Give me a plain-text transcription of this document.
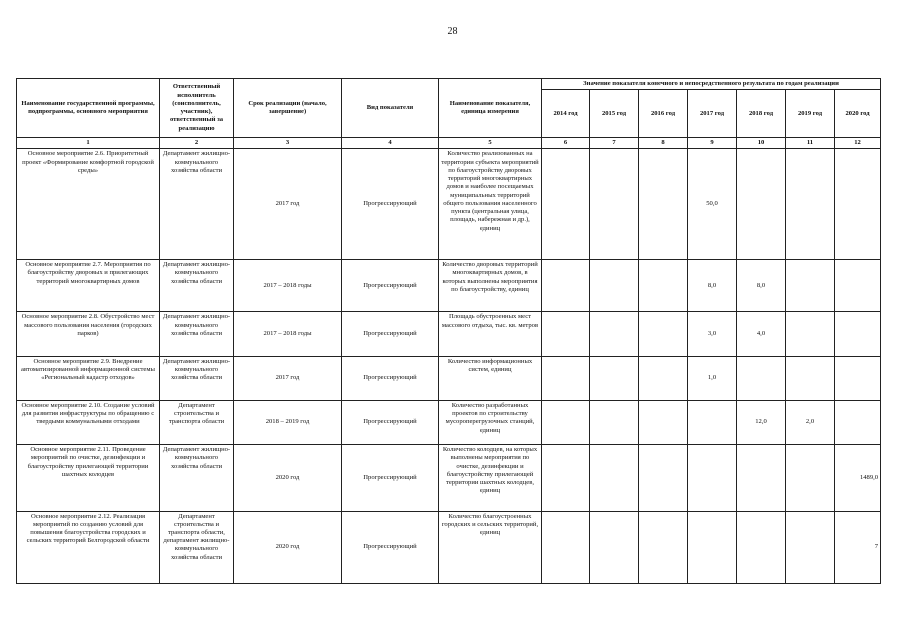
28
Наименование государственной программы, подпрограммы, основного мероприятия	Ответственный исполнитель (соисполнитель, участник), ответственный за реализацию	Срок реализации (начало, завершение)	Вид показателя	Наименование показателя, единица измерения	Значение показателя конечного и непосредственного результата по годам реализации						
					2014 год	2015 год	2016 год	2017 год	2018 год	2019 год	2020 год
1	2	3	4	5	6	7	8	9	10	11	12
Основное мероприятие 2.6. Приоритетный проект «Формирование комфортной городской среды»	Департамент жилищно-коммунального хозяйства области	2017 год	Прогрессирующий	Количество реализованных на территории субъекта мероприятий по благоустройству дворовых территорий многоквартирных домов и наиболее посещаемых муниципальных территорий общего пользования населенного пункта (центральная улица, площадь, набережная и др.), единиц				50,0			
Основное мероприятие 2.7. Мероприятия по благоустройству дворовых и прилегающих территорий многоквартирных домов	Департамент жилищно-коммунального хозяйства области	2017 – 2018 годы	Прогрессирующий	Количество дворовых территорий многоквартирных домов, в которых выполнены мероприятия по благоустройству, единиц				8,0	8,0		
Основное мероприятие 2.8. Обустройство мест массового пользования населения (городских парков)	Департамент жилищно-коммунального хозяйства области	2017 – 2018 годы	Прогрессирующий	Площадь обустроенных мест массового отдыха, тыс. кв. метров				3,0	4,0		
Основное мероприятие 2.9. Внедрение автоматизированной информационной системы «Региональный кадастр отходов»	Департамент жилищно-коммунального хозяйства области	2017 год	Прогрессирующий	Количество информационных систем, единиц				1,0			
Основное мероприятие 2.10. Создание условий для развития инфраструктуры по обращению с твердыми коммунальными отходами	Департамент строительства и транспорта области	2018 – 2019 год	Прогрессирующий	Количество разработанных проектов по строительству мусороперегрузочных станций, единиц					12,0	2,0	
Основное мероприятие 2.11. Проведение мероприятий по очистке, дезинфекции и благоустройству прилегающей территории шахтных колодцев	Департамент жилищно-коммунального хозяйства области	2020 год	Прогрессирующий	Количество колодцев, на которых выполнены мероприятия по очистке, дезинфекции и благоустройству прилегающей территории шахтных колодцев, единиц							1489,0
Основное мероприятие 2.12. Реализация мероприятий по созданию условий для повышения благоустройства городских и сельских территорий Белгородской области	Департамент строительства и транспорта области, департамент жилищно-коммунального хозяйства области	2020 год	Прогрессирующий	Количество благоустроенных городских и сельских территорий, единиц							7
